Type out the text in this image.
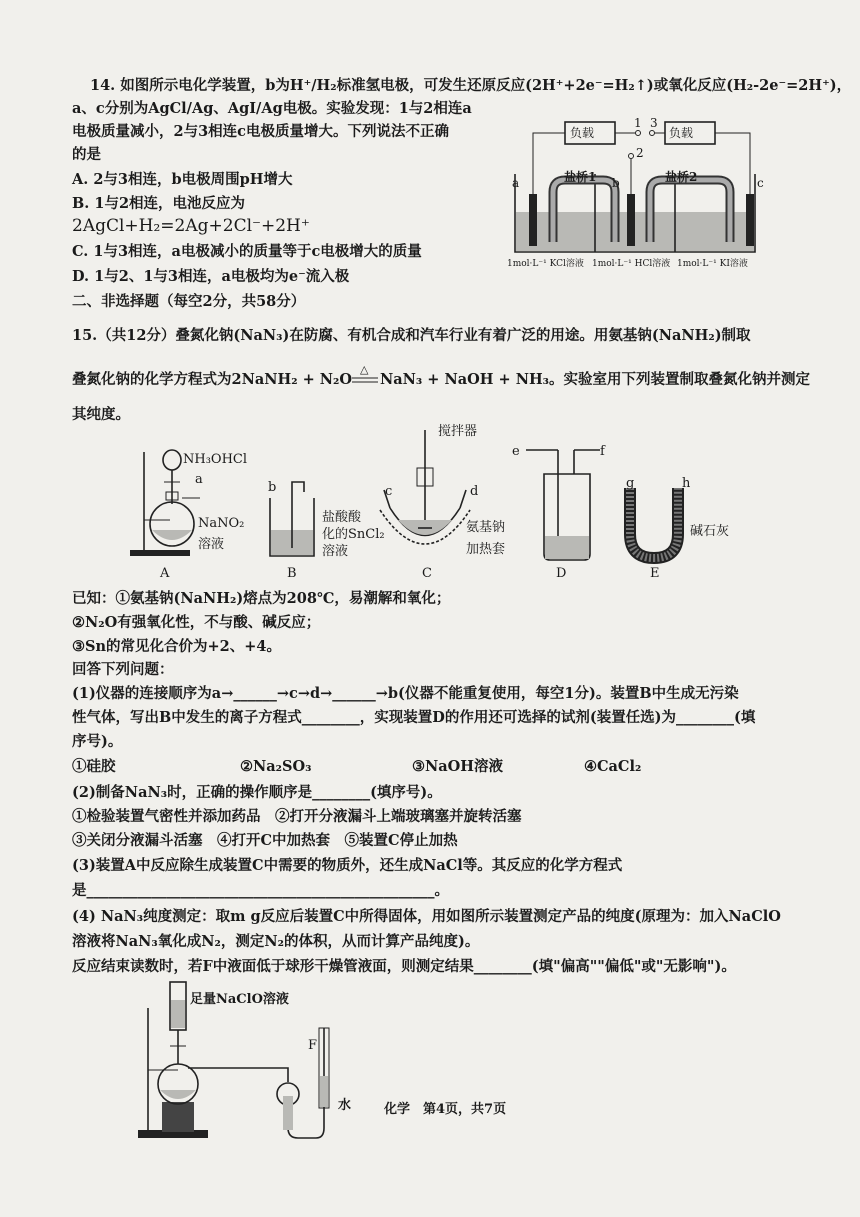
14. 如图所示电化学装置，b为H⁺/H₂标准氢电极，可发生还原反应(2H⁺+2e⁻=H₂↑)或氧化反应(H₂-2e⁻=2H⁺)，
a、c分别为AgCl/Ag、AgI/Ag电极。实验发现：1与2相连a
电极质量减小，2与3相连c电极质量增大。下列说法不正确
的是
A. 2与3相连，b电极周围pH增大
B. 1与2相连，电池反应为
2AgCl+H₂=2Ag+2Cl⁻+2H⁺
C. 1与3相连，a电极减小的质量等于c电极增大的质量
D. 1与2、1与3相连，a电极均为e⁻流入极
负载	负载
1 3
2
a	b	c
盐桥1	盐桥2
1mol·L⁻¹ KCl溶液 1mol·L⁻¹ HCl溶液 1mol·L⁻¹ KI溶液
二、非选择题（每空2分，共58分）
15.（共12分）叠氮化钠(NaN₃)在防腐、有机合成和汽车行业有着广泛的用途。用氨基钠(NaNH₂)制取
叠氮化钠的化学方程式为2NaNH₂ + N₂O
△
NaN₃ + NaOH + NH₃。实验室用下列装置制取叠氮化钠并测定
其纯度。
NH₃OHCl
a
NaNO₂
溶液
A
b
盐酸酸
化的SnCl₂
溶液
B
搅拌器
c	d
氨基钠
加热套
C
e	f
D
g	h
碱石灰
E
已知：①氨基钠(NaNH₂)熔点为208℃，易潮解和氧化；
②N₂O有强氧化性，不与酸、碱反应；
③Sn的常见化合价为+2、+4。
回答下列问题：
(1)仪器的连接顺序为a→______→c→d→______→b(仪器不能重复使用，每空1分)。装置B中生成无污染
性气体，写出B中发生的离子方程式________，实现装置D的作用还可选择的试剂(装置任选)为________(填
序号)。
①硅胶	②Na₂SO₃	③NaOH溶液	④CaCl₂
(2)制备NaN₃时，正确的操作顺序是________(填序号)。
①检验装置气密性并添加药品　②打开分液漏斗上端玻璃塞并旋转活塞
③关闭分液漏斗活塞　④打开C中加热套　⑤装置C停止加热
(3)装置A中反应除生成装置C中需要的物质外，还生成NaCl等。其反应的化学方程式
是________________________________________________。
(4) NaN₃纯度测定：取m g反应后装置C中所得固体，用如图所示装置测定产品的纯度(原理为：加入NaClO
溶液将NaN₃氧化成N₂，测定N₂的体积，从而计算产品纯度)。
反应结束读数时，若F中液面低于球形干燥管液面，则测定结果________(填"偏高""偏低"或"无影响")。
足量NaClO溶液
F
水	化学　第4页，共7页
